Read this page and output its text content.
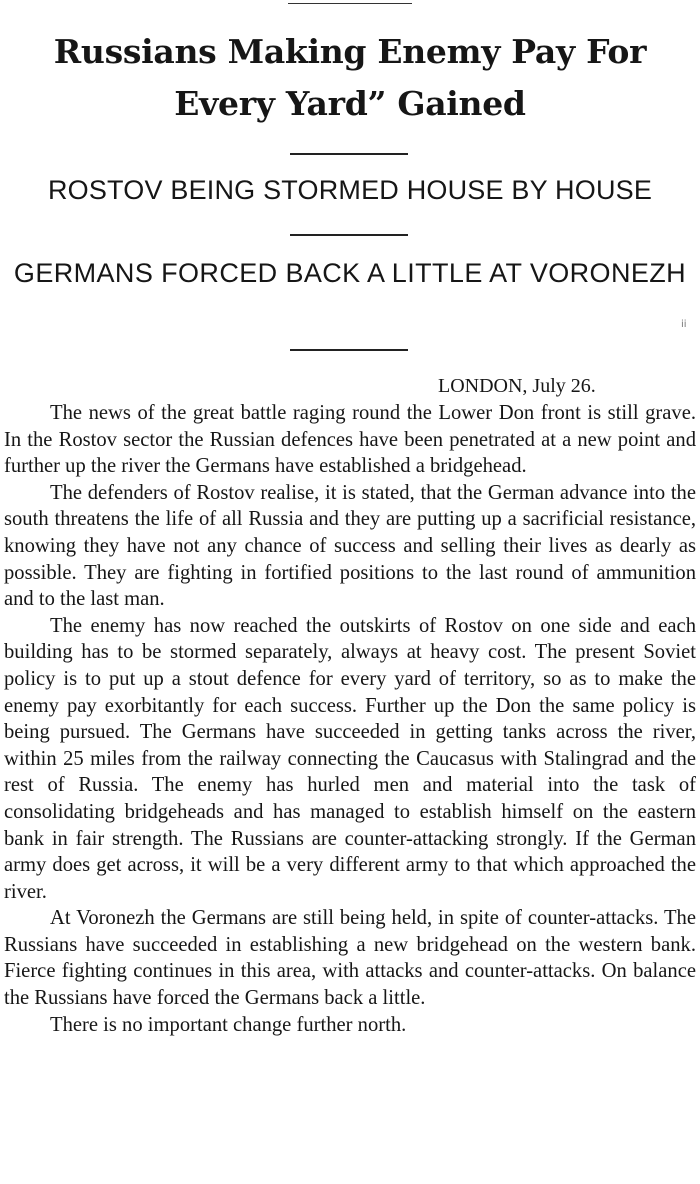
Russians Making Enemy Pay For Every Yard” Gained
ROSTOV BEING STORMED HOUSE BY HOUSE
GERMANS FORCED BACK A LITTLE AT VORONEZH
ii
LONDON, July 26.

The news of the great battle raging round the Lower Don front is still grave. In the Rostov sector the Russian defences have been penetrated at a new point and further up the river the Germans have established a bridgehead.

The defenders of Rostov realise, it is stated, that the German advance into the south threatens the life of all Russia and they are putting up a sacrificial resistance, knowing they have not any chance of success and selling their lives as dearly as possible. They are fighting in fortified positions to the last round of ammunition and to the last man.

The enemy has now reached the outskirts of Rostov on one side and each building has to be stormed separately, always at heavy cost. The present Soviet policy is to put up a stout defence for every yard of territory, so as to make the enemy pay exorbitantly for each success. Further up the Don the same policy is being pursued. The Germans have succeeded in getting tanks across the river, within 25 miles from the railway connecting the Caucasus with Stalingrad and the rest of Russia. The enemy has hurled men and material into the task of consolidating bridgeheads and has managed to establish himself on the eastern bank in fair strength. The Russians are counter-attacking strongly. If the German army does get across, it will be a very different army to that which approached the river.

At Voronezh the Germans are still being held, in spite of counter-attacks. The Russians have succeeded in establishing a new bridgehead on the western bank. Fierce fighting continues in this area, with attacks and counter-attacks. On balance the Russians have forced the Germans back a little.

There is no important change further north.
